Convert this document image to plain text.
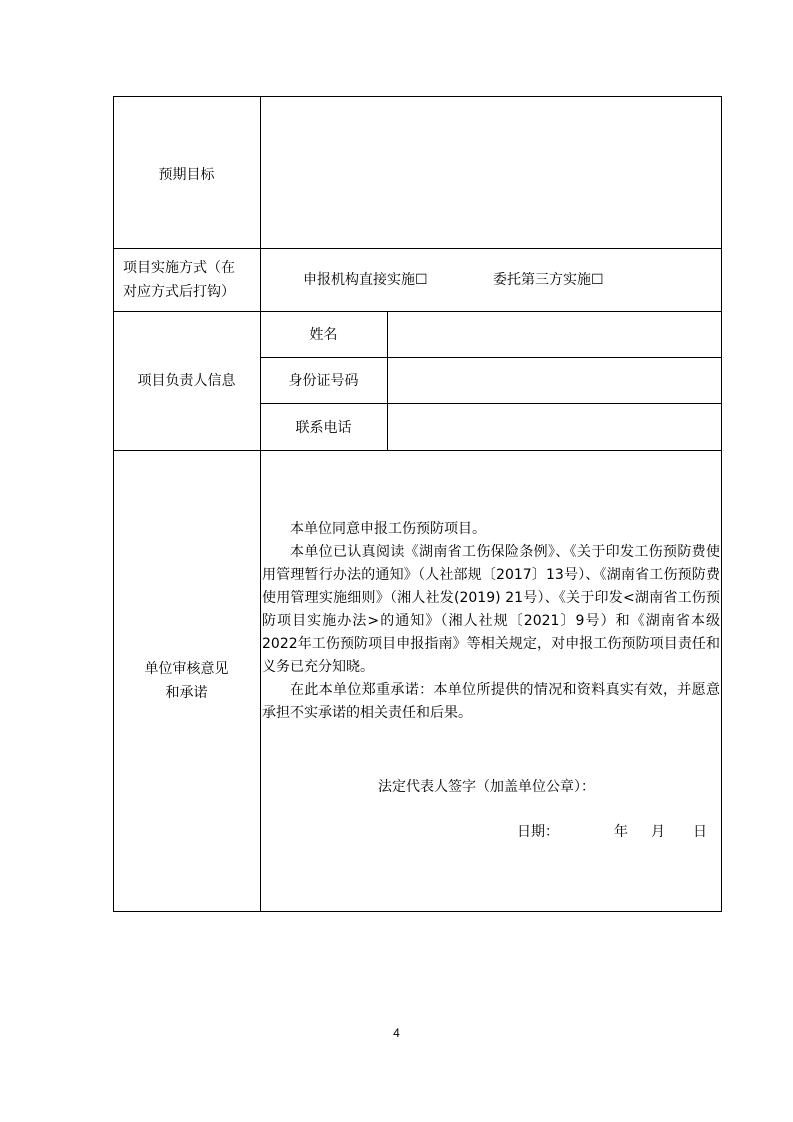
预期目标
项目实施方式（在
对应方式后打钩）
申报机构直接实施☐	委托第三方实施☐
项目负责人信息
姓名
身份证号码
联系电话
单位审核意见
和承诺

本单位同意申报工伤预防项目。

本单位已认真阅读《湖南省工伤保险条例》、《关于印发工伤预防费使用管理暂行办法的通知》（人社部规〔2017〕13号）、《湖南省工伤预防费使用管理实施细则》（湘人社发(2019) 21号）、《关于印发<湖南省工伤预防项目实施办法>的通知》（湘人社规〔2021〕9号）和《湖南省本级2022年工伤预防项目申报指南》等相关规定，对申报工伤预防项目责任和义务已充分知晓。

在此本单位郑重承诺：本单位所提供的情况和资料真实有效，并愿意承担不实承诺的相关责任和后果。

法定代表人签字（加盖单位公章）：
日期：	年 月 日
4
